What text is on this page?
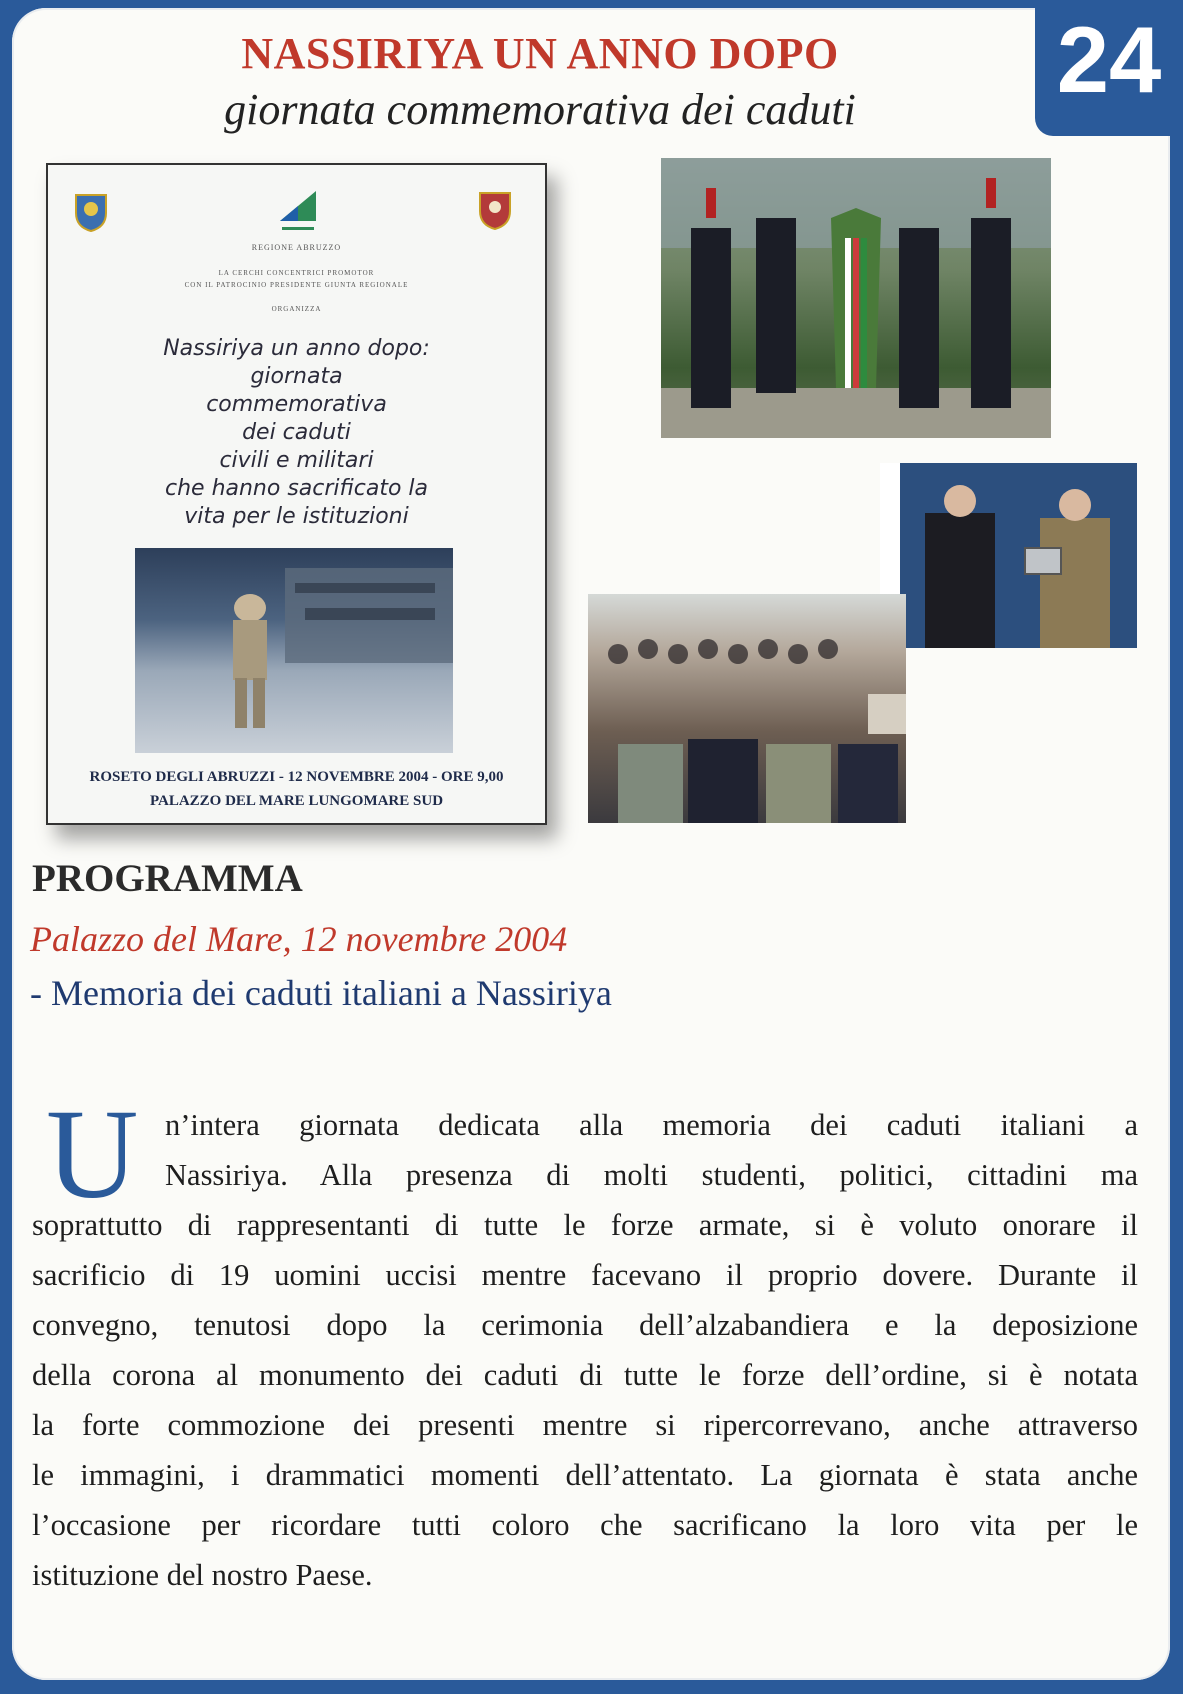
24
NASSIRIYA UN ANNO DOPO
giornata commemorativa dei caduti
REGIONE ABRUZZO
LA CERCHI CONCENTRICI PROMOTOR
CON IL PATROCINIO PRESIDENTE GIUNTA REGIONALE
ORGANIZZA
Nassiriya un anno dopo:
giornata
commemorativa
dei caduti
civili e militari
che hanno sacrificato la
vita per le istituzioni
ROSETO DEGLI ABRUZZI - 12 NOVEMBRE 2004 - ORE 9,00
PALAZZO DEL MARE LUNGOMARE SUD
PROGRAMMA
Palazzo del Mare, 12 novembre 2004
- Memoria dei caduti italiani a Nassiriya
U n’intera giornata dedicata alla memoria dei caduti italiani a
Nassiriya. Alla presenza di molti studenti, politici, cittadini ma
soprattutto di rappresentanti di tutte le forze armate, si è voluto onorare il
sacrificio di 19 uomini uccisi mentre facevano il proprio dovere. Durante il
convegno, tenutosi dopo la cerimonia dell’alzabandiera e la deposizione
della corona al monumento dei caduti di tutte le forze dell’ordine, si è notata
la forte commozione dei presenti mentre si ripercorrevano, anche attraverso
le immagini, i drammatici momenti dell’attentato. La giornata è stata anche
l’occasione per ricordare tutti coloro che sacrificano la loro vita per le
istituzione del nostro Paese.
